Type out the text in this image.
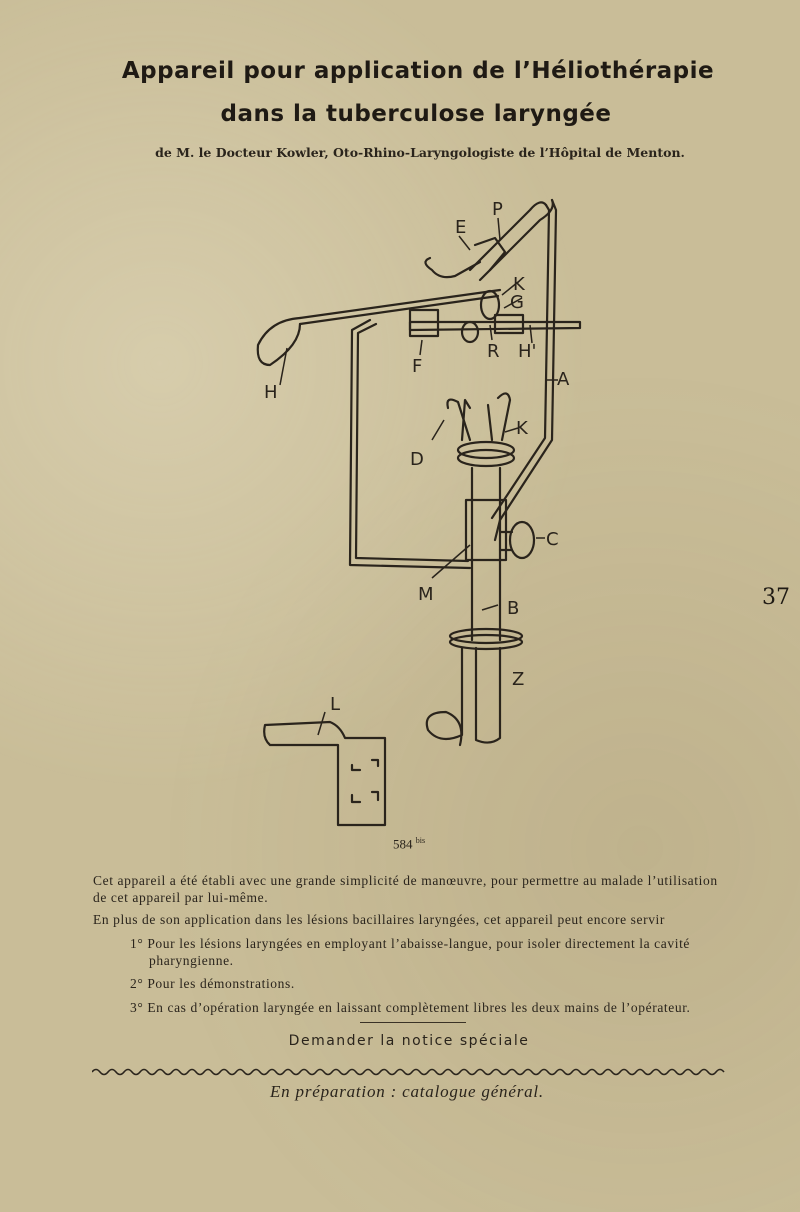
Appareil pour application de l’Héliothérapie
dans la tuberculose laryngée
de M. le Docteur Kowler, Oto-Rhino-Laryngologiste de l’Hôpital de Menton.
E
P
K
G
F
R H'
H
A
K
D
C
M
B
Z
L
584 $^{bis}$
37
Cet appareil a été établi avec une grande simplicité de manœuvre, pour permettre au malade l’utilisation de cet appareil par lui-même.
En plus de son application dans les lésions bacillaires laryngées, cet appareil peut encore servir
1° Pour les lésions laryngées en employant l’abaisse-langue, pour isoler directement la cavité
pharyngienne.
2° Pour les démonstrations.
3° En cas d’opération laryngée en laissant complètement libres les deux mains de l’opérateur.
Demander la notice spéciale
En préparation : catalogue général.
